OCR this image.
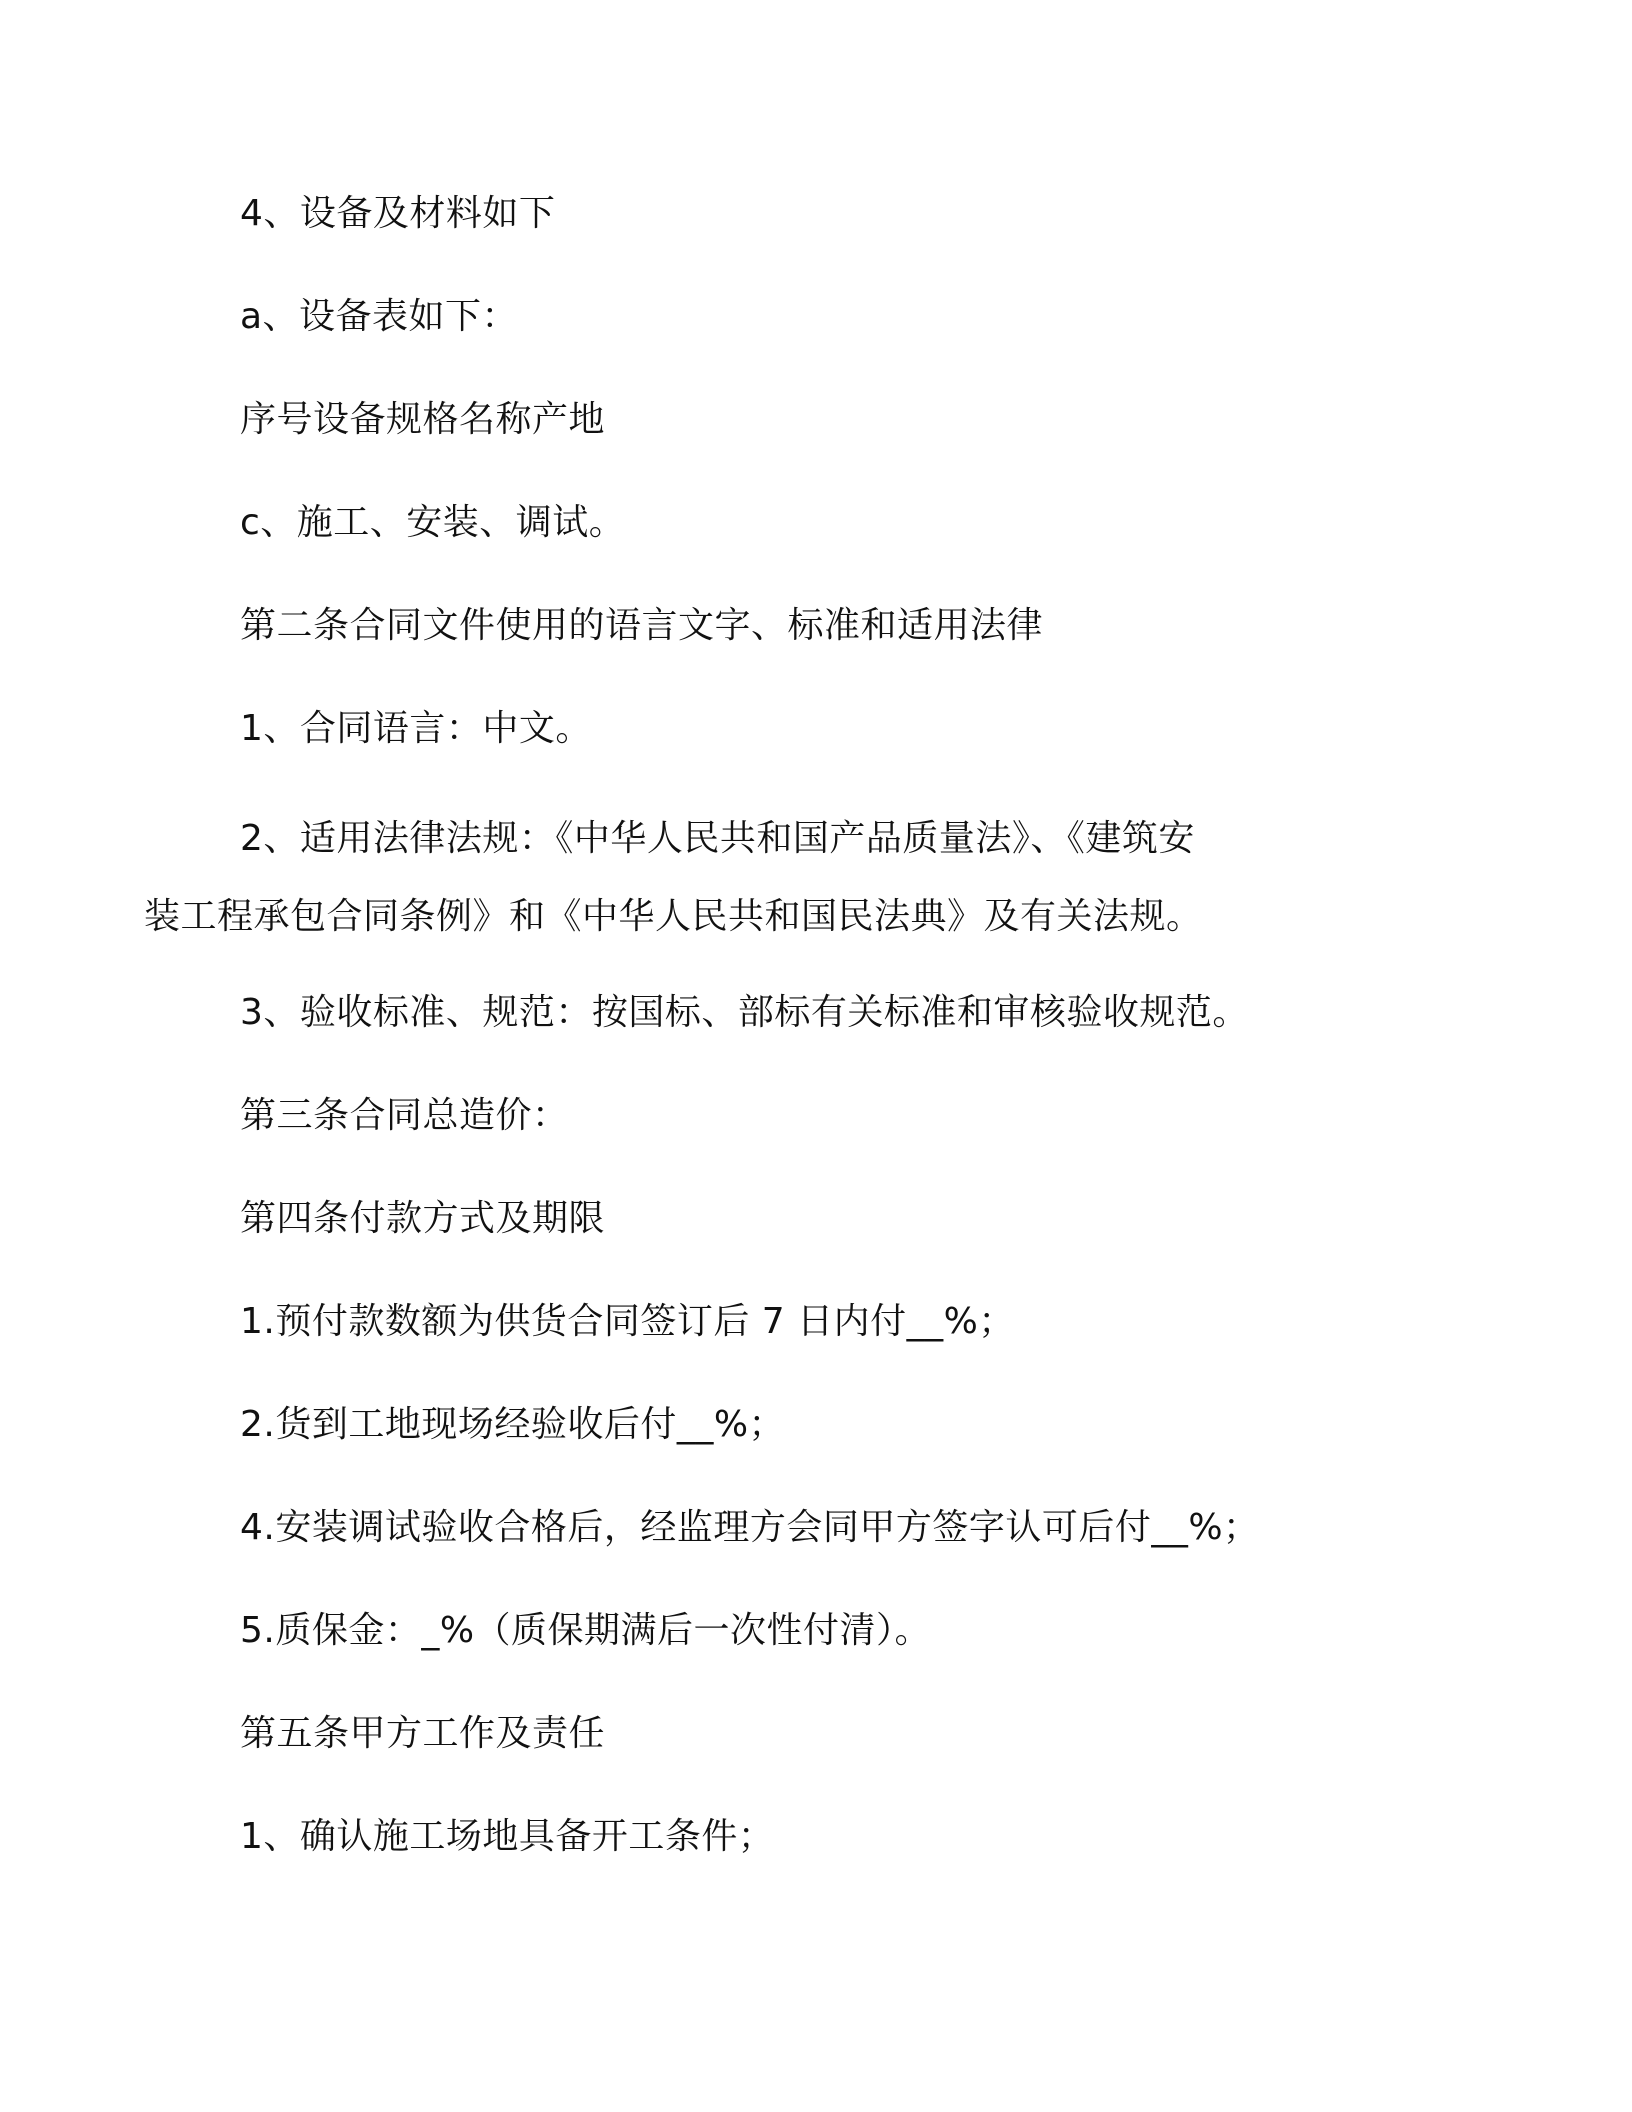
4、设备及材料如下
a、设备表如下：
序号设备规格名称产地
c、施工、安装、调试。
第二条合同文件使用的语言文字、标准和适用法律
1、合同语言：中文。
2、适用法律法规：《中华人民共和国产品质量法》、《建筑安
装工程承包合同条例》和《中华人民共和国民法典》及有关法规。
3、验收标准、规范：按国标、部标有关标准和审核验收规范。
第三条合同总造价：
第四条付款方式及期限
1.预付款数额为供货合同签订后 7 日内付__%；
2.货到工地现场经验收后付__%；
4.安装调试验收合格后，经监理方会同甲方签字认可后付__%；
5.质保金：_%（质保期满后一次性付清）。
第五条甲方工作及责任
1、确认施工场地具备开工条件；
